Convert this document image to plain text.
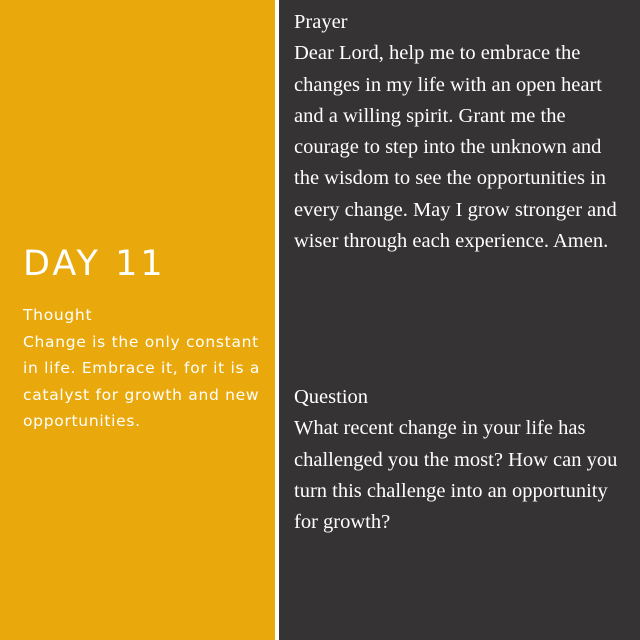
DAY 11
Thought
Change is the only constant in life. Embrace it, for it is a catalyst for growth and new opportunities.
Prayer
Dear Lord, help me to embrace the changes in my life with an open heart and a willing spirit. Grant me the courage to step into the unknown and the wisdom to see the opportunities in every change. May I grow stronger and wiser through each experience. Amen.
Question
What recent change in your life has challenged you the most? How can you turn this challenge into an opportunity for growth?
